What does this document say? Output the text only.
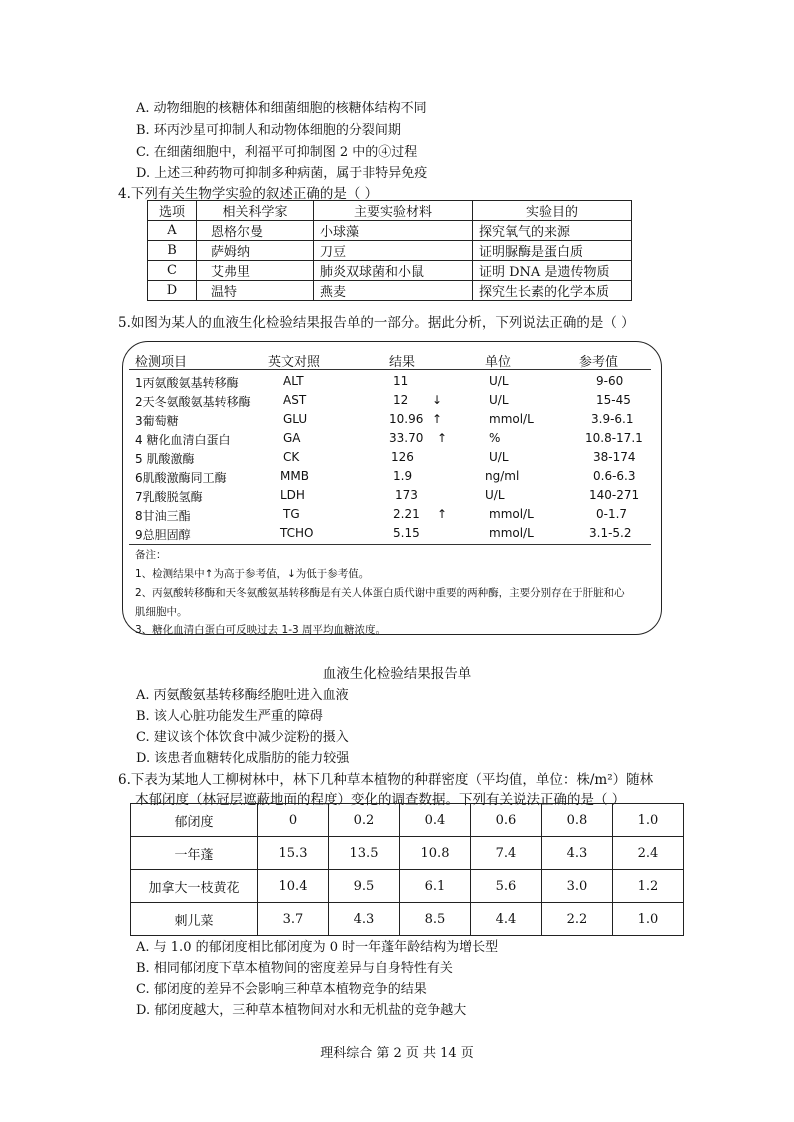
A. 动物细胞的核糖体和细菌细胞的核糖体结构不同
B. 环丙沙星可抑制人和动物体细胞的分裂间期
C. 在细菌细胞中，利福平可抑制图 2 中的④过程
D. 上述三种药物可抑制多种病菌，属于非特异免疫
4.下列有关生物学实验的叙述正确的是（ ）
选项	相关科学家	主要实验材料	实验目的
A	恩格尔曼	小球藻	探究氧气的来源
B	萨姆纳	刀豆	证明脲酶是蛋白质
C	艾弗里	肺炎双球菌和小鼠	证明 DNA 是遗传物质
D	温特	燕麦	探究生长素的化学本质
5.如图为某人的血液生化检验结果报告单的一部分。据此分析，下列说法正确的是（ ）
检测项目	英文对照	结果	单位	参考值
1丙氨酸氨基转移酶	ALT	11	U/L	9-60
2天冬氨酸氨基转移酶	AST	12 ↓	U/L	15-45
3葡萄糖	GLU	10.96 ↑	mmol/L	3.9-6.1
4 糖化血清白蛋白	GA	33.70 ↑	%	10.8-17.1
5 肌酸激酶	CK	126	U/L	38-174
6肌酸激酶同工酶	MMB	1.9	ng/ml	0.6-6.3
7乳酸脱氢酶	LDH	173	U/L	140-271
8甘油三酯	TG	2.21 ↑	mmol/L	0-1.7
9总胆固醇	TCHO	5.15	mmol/L	3.1-5.2
备注：
1、检测结果中↑为高于参考值，↓为低于参考值。
2、丙氨酸转移酶和天冬氨酸氨基转移酶是有关人体蛋白质代谢中重要的两种酶，主要分别存在于肝脏和心
肌细胞中。
3、糖化血清白蛋白可反映过去 1-3 周平均血糖浓度。
血液生化检验结果报告单
A. 丙氨酸氨基转移酶经胞吐进入血液
B. 该人心脏功能发生严重的障碍
C. 建议该个体饮食中减少淀粉的摄入
D. 该患者血糖转化成脂肪的能力较强
6.下表为某地人工柳树林中，林下几种草本植物的种群密度（平均值，单位：株/m²）随林
木郁闭度（林冠层遮蔽地面的程度）变化的调查数据。下列有关说法正确的是（ ）
郁闭度	0	0.2	0.4	0.6	0.8	1.0
一年蓬	15.3	13.5	10.8	7.4	4.3	2.4
加拿大一枝黄花	10.4	9.5	6.1	5.6	3.0	1.2
刺儿菜	3.7	4.3	8.5	4.4	2.2	1.0
A. 与 1.0 的郁闭度相比郁闭度为 0 时一年蓬年龄结构为增长型
B. 相同郁闭度下草本植物间的密度差异与自身特性有关
C. 郁闭度的差异不会影响三种草本植物竞争的结果
D. 郁闭度越大，三种草本植物间对水和无机盐的竞争越大
理科综合 第 2 页 共 14 页
